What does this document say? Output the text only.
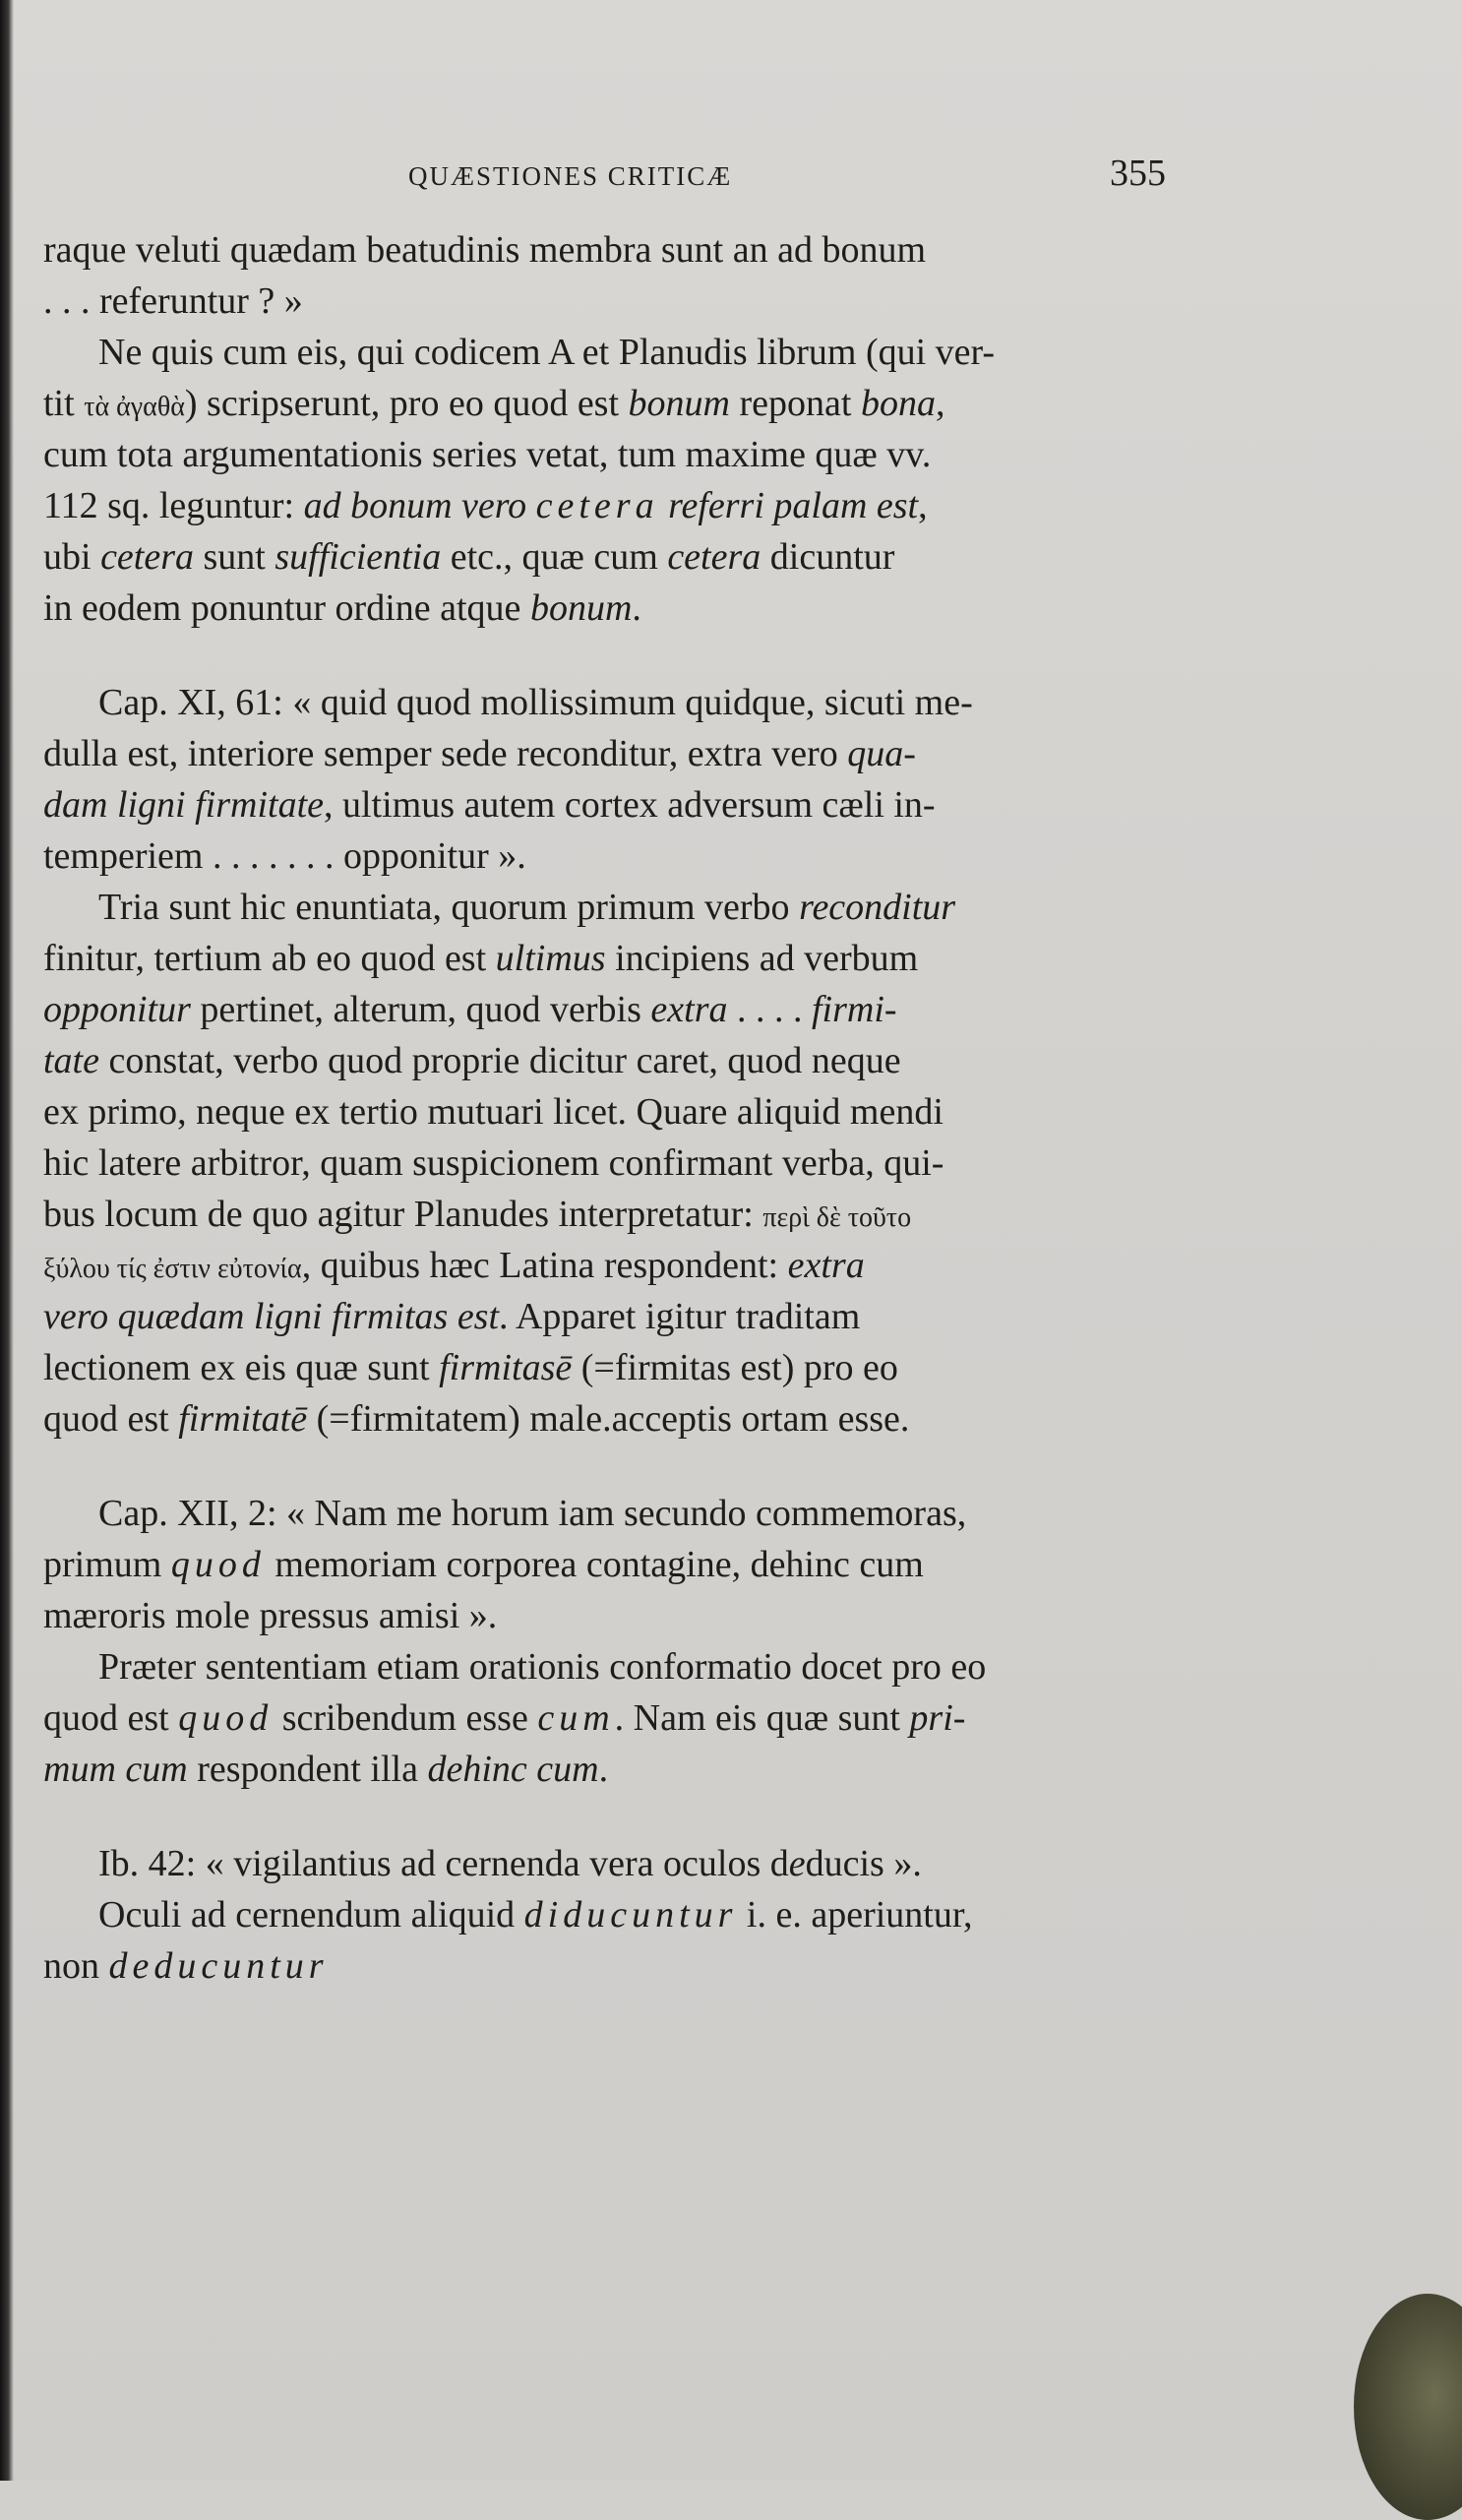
QUÆSTIONES CRITICÆ	355
raque veluti quædam beatudinis membra sunt an ad bonum
. . . referuntur ? »
Ne quis cum eis, qui codicem A et Planudis librum (qui ver-
tit τὰ ἀγαθὰ) scripserunt, pro eo quod est bonum reponat bona,
cum tota argumentationis series vetat, tum maxime quæ vv.
112 sq. leguntur: ad bonum vero cetera referri palam est,
ubi cetera sunt sufficientia etc., quæ cum cetera dicuntur
in eodem ponuntur ordine atque bonum.
Cap. XI, 61: « quid quod mollissimum quidque, sicuti me-
dulla est, interiore semper sede reconditur, extra vero qua-
dam ligni firmitate, ultimus autem cortex adversum cæli in-
temperiem . . . . . . . opponitur ».
Tria sunt hic enuntiata, quorum primum verbo reconditur
finitur, tertium ab eo quod est ultimus incipiens ad verbum
opponitur pertinet, alterum, quod verbis extra . . . . firmi-
tate constat, verbo quod proprie dicitur caret, quod neque
ex primo, neque ex tertio mutuari licet. Quare aliquid mendi
hic latere arbitror, quam suspicionem confirmant verba, qui-
bus locum de quo agitur Planudes interpretatur: περὶ δὲ τοῦτο
ξύλου τίς ἐστιν εὐτονία, quibus hæc Latina respondent: extra
vero quædam ligni firmitas est. Apparet igitur traditam
lectionem ex eis quæ sunt firmitasē (=firmitas est) pro eo
quod est firmitatē (=firmitatem) male.acceptis ortam esse.
Cap. XII, 2: « Nam me horum iam secundo commemoras,
primum quod memoriam corporea contagine, dehinc cum
mæroris mole pressus amisi ».
Præter sententiam etiam orationis conformatio docet pro eo
quod est quod scribendum esse cum. Nam eis quæ sunt pri-
mum cum respondent illa dehinc cum.
Ib. 42: « vigilantius ad cernenda vera oculos deducis ».
Oculi ad cernendum aliquid diducuntur i. e. aperiuntur,
non deducuntur
